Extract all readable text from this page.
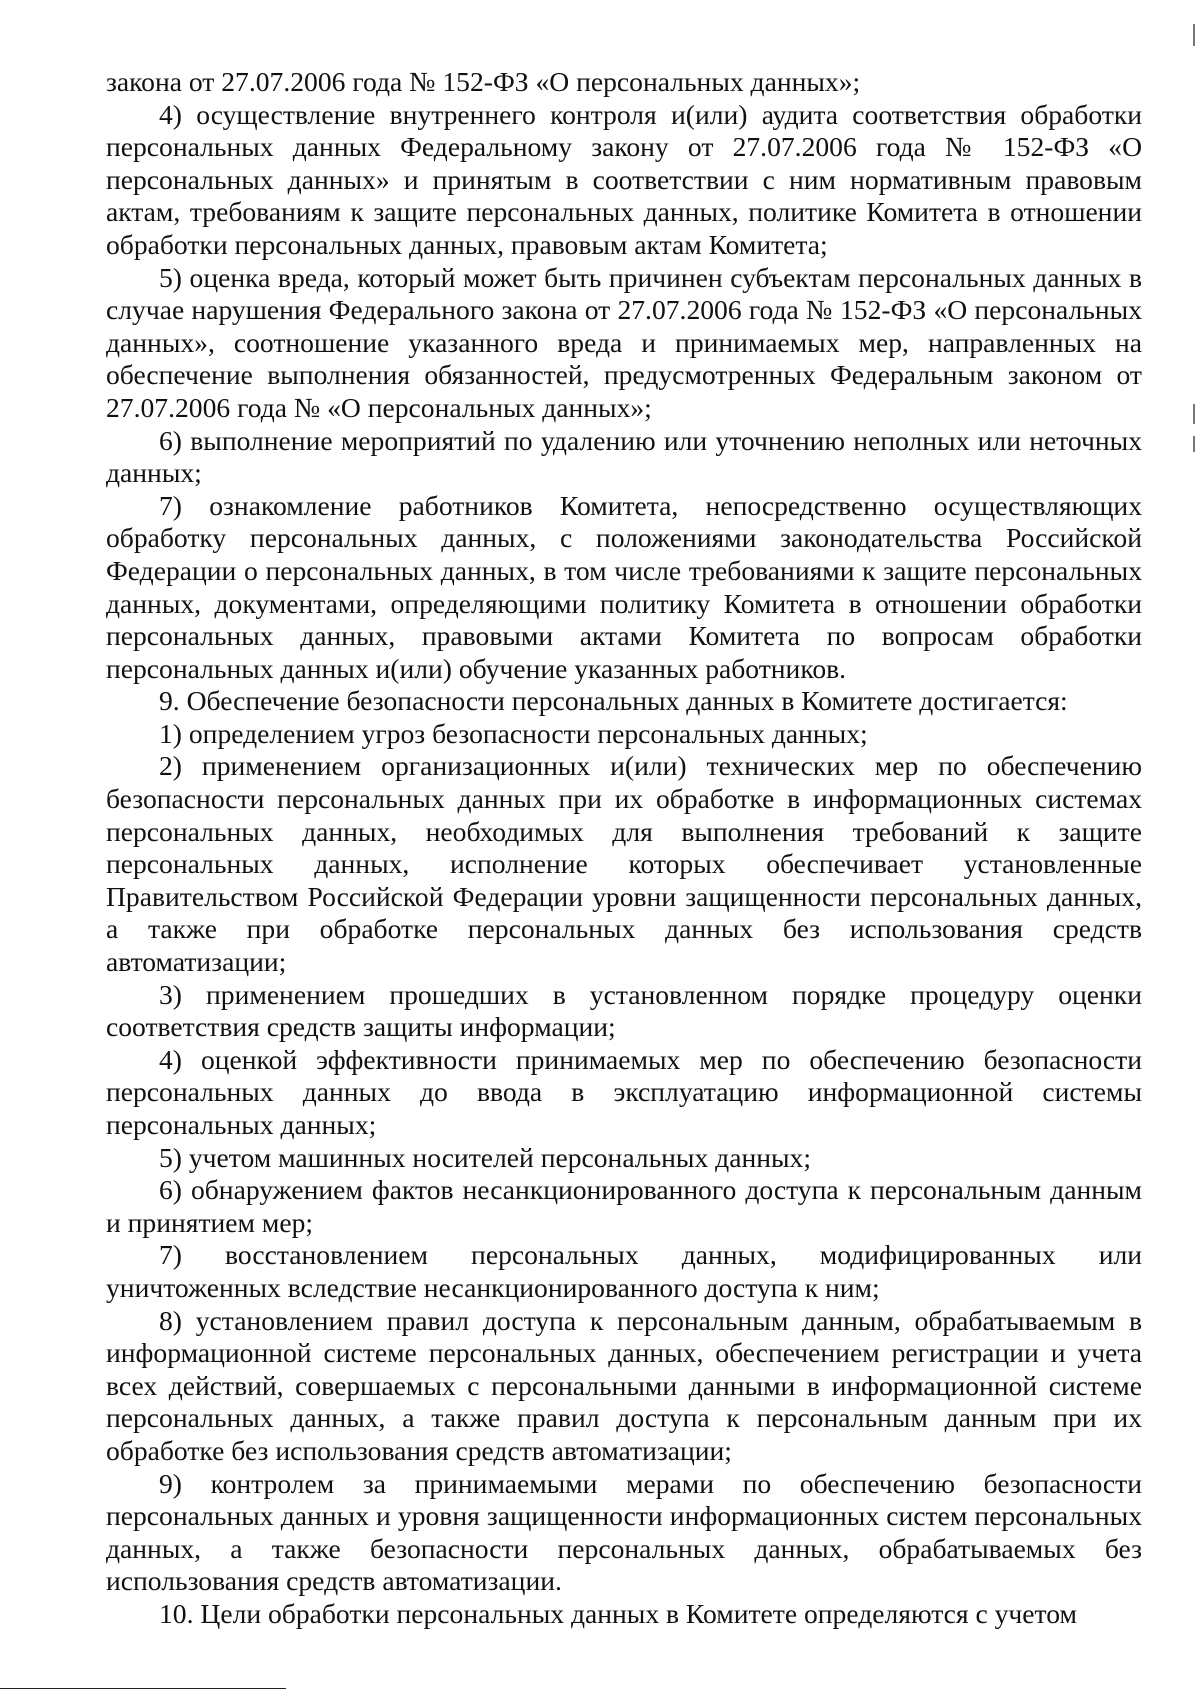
закона от 27.07.2006 года № 152-ФЗ «О персональных данных»;

4) осуществление внутреннего контроля и(или) аудита соответствия обработки персональных данных Федеральному закону от 27.07.2006 года № 152-ФЗ «О персональных данных» и принятым в соответствии с ним нормативным правовым актам, требованиям к защите персональных данных, политике Комитета в отношении обработки персональных данных, правовым актам Комитета;

5) оценка вреда, который может быть причинен субъектам персональных данных в случае нарушения Федерального закона от 27.07.2006 года № 152-ФЗ «О персональных данных», соотношение указанного вреда и принимаемых мер, направленных на обеспечение выполнения обязанностей, предусмотренных Федеральным законом от 27.07.2006 года № «О персональных данных»;

6) выполнение мероприятий по удалению или уточнению неполных или неточных данных;

7) ознакомление работников Комитета, непосредственно осуществляющих обработку персональных данных, с положениями законодательства Российской Федерации о персональных данных, в том числе требованиями к защите персональных данных, документами, определяющими политику Комитета в отношении обработки персональных данных, правовыми актами Комитета по вопросам обработки персональных данных и(или) обучение указанных работников.

9. Обеспечение безопасности персональных данных в Комитете достигается:

1) определением угроз безопасности персональных данных;

2) применением организационных и(или) технических мер по обеспечению безопасности персональных данных при их обработке в информационных системах персональных данных, необходимых для выполнения требований к защите персональных данных, исполнение которых обеспечивает установленные Правительством Российской Федерации уровни защищенности персональных данных, а также при обработке персональных данных без использования средств автоматизации;

3) применением прошедших в установленном порядке процедуру оценки соответствия средств защиты информации;

4) оценкой эффективности принимаемых мер по обеспечению безопасности персональных данных до ввода в эксплуатацию информационной системы персональных данных;

5) учетом машинных носителей персональных данных;

6) обнаружением фактов несанкционированного доступа к персональным данным и принятием мер;

7) восстановлением персональных данных, модифицированных или уничтоженных вследствие несанкционированного доступа к ним;

8) установлением правил доступа к персональным данным, обрабатываемым в информационной системе персональных данных, обеспечением регистрации и учета всех действий, совершаемых с персональными данными в информационной системе персональных данных, а также правил доступа к персональным данным при их обработке без использования средств автоматизации;

9) контролем за принимаемыми мерами по обеспечению безопасности персональных данных и уровня защищенности информационных систем персональных данных, а также безопасности персональных данных, обрабатываемых без использования средств автоматизации.

10. Цели обработки персональных данных в Комитете определяются с учетом
